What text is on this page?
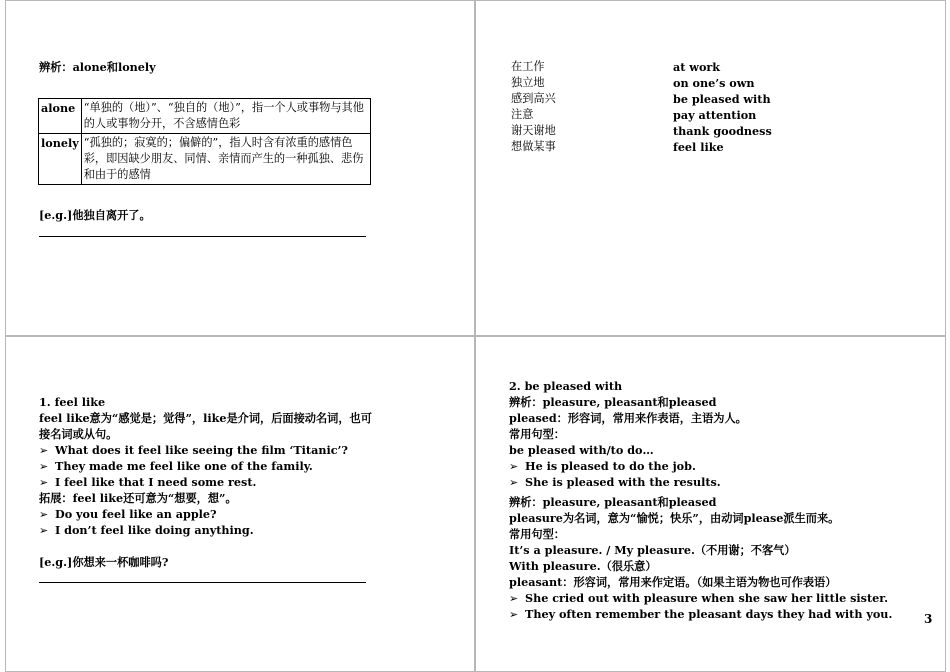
辨析：alone和lonely
alone	“单独的（地）”、“独自的（地）”，指一个人或事物与其他的人或事物分开，不含感情色彩
lonely	“孤独的；寂寞的；偏僻的”，指人时含有浓重的感情色彩，即因缺少朋友、同情、亲情而产生的一种孤独、悲伤和由于的感情
[e.g.]他独自离开了。
在工作	at work
独立地	on one’s own
感到高兴	be pleased with
注意	pay attention
谢天谢地	thank goodness
想做某事	feel like
1. feel like
feel like意为“感觉是；觉得”，like是介词，后面接动名词，也可
接名词或从句。
➢ What does it feel like seeing the film ‘Titanic’?
➢ They made me feel like one of the family.
➢ I feel like that I need some rest.
拓展：feel like还可意为“想要，想”。
➢ Do you feel like an apple?
➢ I don’t feel like doing anything.
[e.g.]你想来一杯咖啡吗?
2. be pleased with
辨析：pleasure, pleasant和pleased
pleased：形容词，常用来作表语，主语为人。
常用句型：
be pleased with/to do…
➢ He is pleased to do the job.
➢ She is pleased with the results.
辨析：pleasure, pleasant和pleased
pleasure为名词，意为“愉悦；快乐”，由动词please派生而来。
常用句型：
It’s a pleasure. / My pleasure.（不用谢；不客气）
With pleasure.（很乐意）
pleasant：形容词，常用来作定语。（如果主语为物也可作表语）
➢ She cried out with pleasure when she saw her little sister.
➢ They often remember the pleasant days they had with you.	3
